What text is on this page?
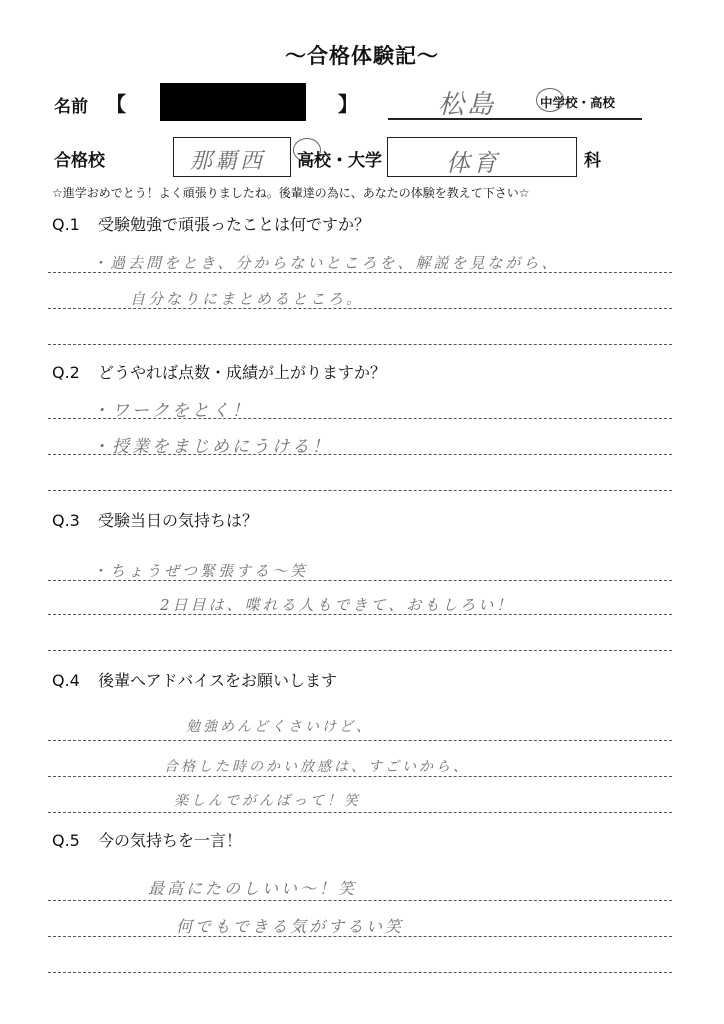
～合格体験記～
名前 【	】	松島	中学校・高校
合格校	那覇西 高校・大学	体育	科
☆進学おめでとう！よく頑張りましたね。後輩達の為に、あなたの体験を教えて下さい☆
Q.1 受験勉強で頑張ったことは何ですか？
・過去問をとき、分からないところを、解説を見ながら、
自分なりにまとめるところ。
Q.2 どうやれば点数・成績が上がりますか？
・ワークをとく！
・授業をまじめにうける！
Q.3 受験当日の気持ちは？
・ちょうぜつ緊張する～笑
2日目は、喋れる人もできて、おもしろい！
Q.4 後輩へアドバイスをお願いします
勉強めんどくさいけど、
合格した時のかい放感は、すごいから、
楽しんでがんばって！笑
Q.5 今の気持ちを一言！
最高にたのしいい～！笑
何でもできる気がするい笑
